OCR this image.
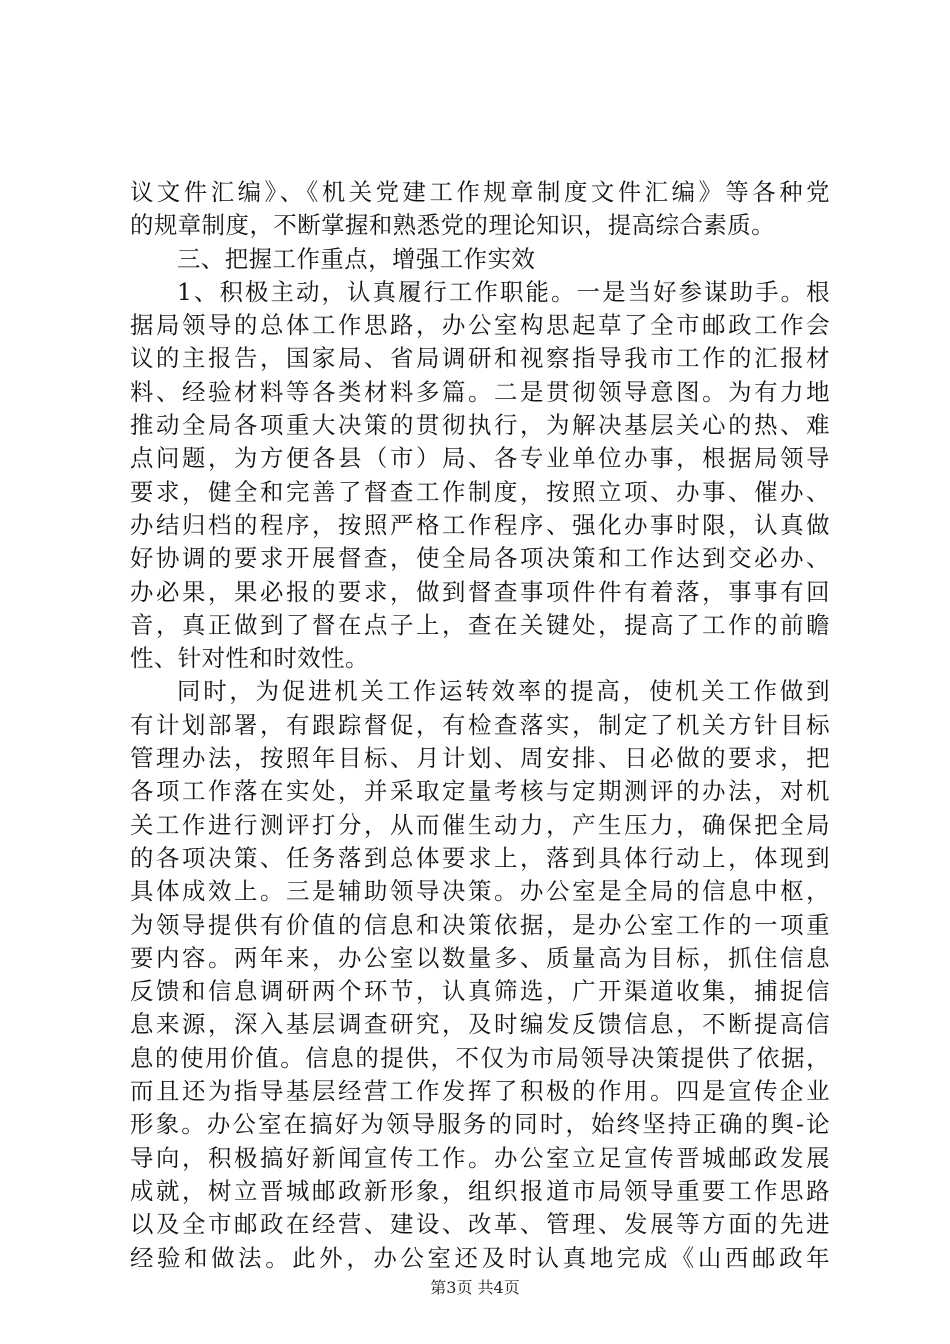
议文件汇编》、《机关党建工作规章制度文件汇编》等各种党
的规章制度，不断掌握和熟悉党的理论知识，提高综合素质。
三、把握工作重点，增强工作实效
1、积极主动，认真履行工作职能。一是当好参谋助手。根
据局领导的总体工作思路，办公室构思起草了全市邮政工作会
议的主报告，国家局、省局调研和视察指导我市工作的汇报材
料、经验材料等各类材料多篇。二是贯彻领导意图。为有力地
推动全局各项重大决策的贯彻执行，为解决基层关心的热、难
点问题，为方便各县（市）局、各专业单位办事，根据局领导
要求，健全和完善了督查工作制度，按照立项、办事、催办、
办结归档的程序，按照严格工作程序、强化办事时限，认真做
好协调的要求开展督查，使全局各项决策和工作达到交必办、
办必果，果必报的要求，做到督查事项件件有着落，事事有回
音，真正做到了督在点子上，查在关键处，提高了工作的前瞻
性、针对性和时效性。
同时，为促进机关工作运转效率的提高，使机关工作做到
有计划部署，有跟踪督促，有检查落实，制定了机关方针目标
管理办法，按照年目标、月计划、周安排、日必做的要求，把
各项工作落在实处，并采取定量考核与定期测评的办法，对机
关工作进行测评打分，从而催生动力，产生压力，确保把全局
的各项决策、任务落到总体要求上，落到具体行动上，体现到
具体成效上。三是辅助领导决策。办公室是全局的信息中枢，
为领导提供有价值的信息和决策依据，是办公室工作的一项重
要内容。两年来，办公室以数量多、质量高为目标，抓住信息
反馈和信息调研两个环节，认真筛选，广开渠道收集，捕捉信
息来源，深入基层调查研究，及时编发反馈信息，不断提高信
息的使用价值。信息的提供，不仅为市局领导决策提供了依据，
而且还为指导基层经营工作发挥了积极的作用。四是宣传企业
形象。办公室在搞好为领导服务的同时，始终坚持正确的舆-论
导向，积极搞好新闻宣传工作。办公室立足宣传晋城邮政发展
成就，树立晋城邮政新形象，组织报道市局领导重要工作思路
以及全市邮政在经营、建设、改革、管理、发展等方面的先进
经验和做法。此外，办公室还及时认真地完成《山西邮政年
第3页 共4页
